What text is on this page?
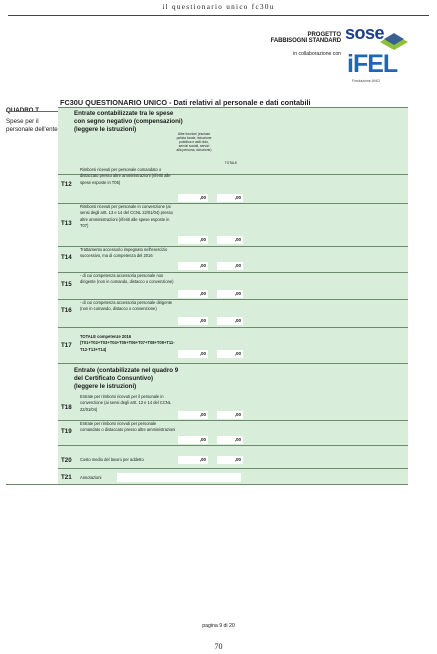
il questionario unico fc30u
PROGETTO
FABBISOGNI STANDARD
in collaborazione con
sose
iFEL
Fondazione ANCI
Spese per il personale dell'ente
FC30U QUESTIONARIO UNICO - Dati relativi al personale e dati contabili
Entrate contabilizzate tra le spese
con segno negativo (compensazioni)
(leggere le istruzioni)
Altre funzioni (escluse polizia locale, istruzione pubblica e asili nido, servizi sociali, servizi alla persona, istruzione)
TOTALE
T12
Rimborsi ricevuti per personale comandato o distaccato presso altre amministrazioni (riferiti alle spese esposte in T05)
,00	,00
T13
Rimborsi ricevuti per personale in convenzione (ai sensi degli artt. 13 e 14 del CCNL 22/01/04) presso altre amministrazioni (riferiti alle spese esposte in T07)
,00	,00
T14
Trattamento accessorio impegnato nell'esercizio successivo, ma di competenza del 2016
,00	,00
T15
- di cui competenza accessoria personale non dirigente (non in comando, distacco o convenzione)
,00	,00
T16
- di cui competenza accessoria personale dirigente (non in comando, distacco o convenzione)
,00	,00
T17
TOTALE competenze 2016 (T01+T02+T03+T04+T05+T06+T07+T08+T09+T11-T12-T13+T14)
,00	,00
Entrate (contabilizzate nel quadro 9
del Certificato Consuntivo)
(leggere le istruzioni)
T18
Entrate per rimborsi ricevuti per il personale in convenzione (ai sensi degli artt. 13 e 14 del CCNL 22/01/04)
,00	,00
T19
Entrate per rimborsi ricevuti per personale comandato o distaccato presso altre amministrazioni
,00	,00
T20 Costo medio del lavoro per addetto	,00	,00
T21 Annotazioni
pagina 9 di 20
70
